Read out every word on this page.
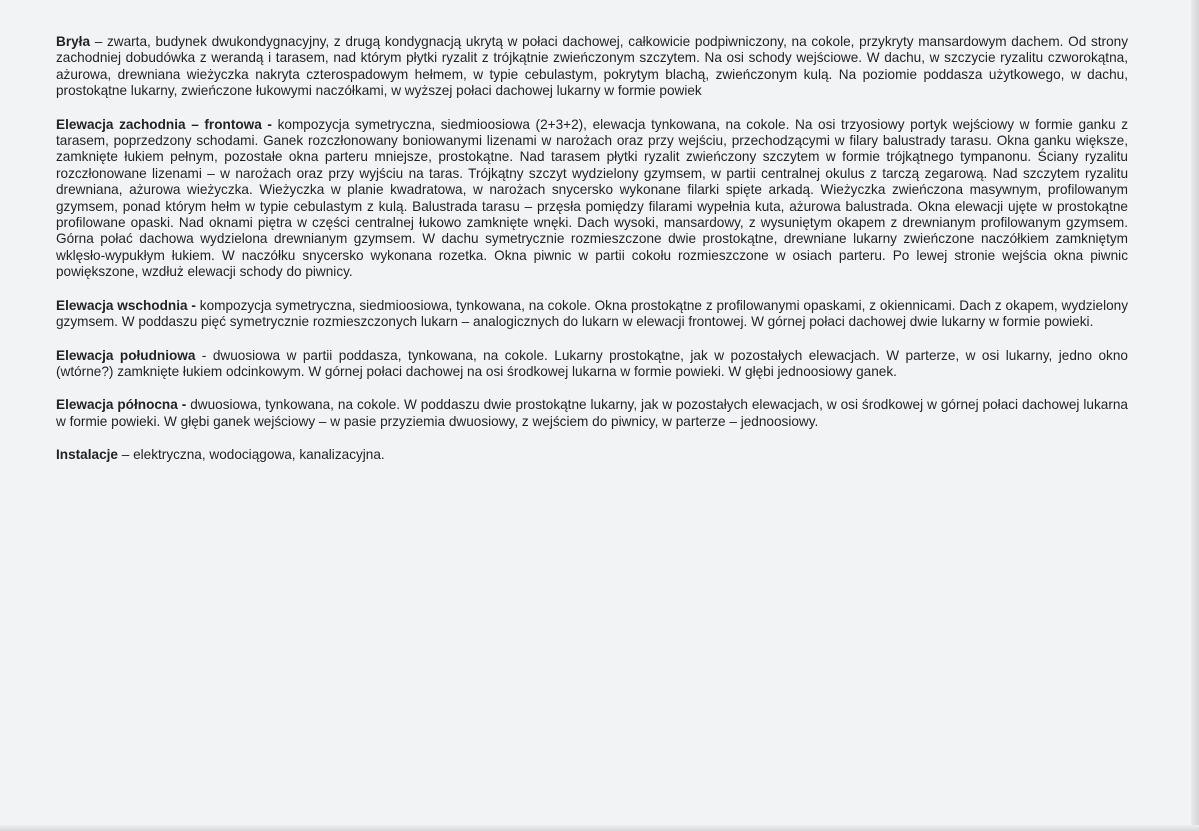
Bryła – zwarta, budynek dwukondygnacyjny, z drugą kondygnacją ukrytą w połaci dachowej, całkowicie podpiwniczony, na cokole, przykryty mansardowym dachem. Od strony zachodniej dobudówka z werandą i tarasem, nad którym płytki ryzalit z trójkątnie zwieńczonym szczytem. Na osi schody wejściowe. W dachu, w szczycie ryzalitu czworokątna, ażurowa, drewniana wieżyczka nakryta czterospadowym hełmem, w typie cebulastym, pokrytym blachą, zwieńczonym kulą. Na poziomie poddasza użytkowego, w dachu, prostokątne lukarny, zwieńczone łukowymi naczółkami, w wyższej połaci dachowej lukarny w formie powiek

Elewacja zachodnia – frontowa - kompozycja symetryczna, siedmioosiowa (2+3+2), elewacja tynkowana, na cokole. Na osi trzyosiowy portyk wejściowy w formie ganku z tarasem, poprzedzony schodami. Ganek rozczłonowany boniowanymi lizenami w narożach oraz przy wejściu, przechodzącymi w filary balustrady tarasu. Okna ganku większe, zamknięte łukiem pełnym, pozostałe okna parteru mniejsze, prostokątne. Nad tarasem płytki ryzalit zwieńczony szczytem w formie trójkątnego tympanonu. Ściany ryzalitu rozczłonowane lizenami – w narożach oraz przy wyjściu na taras. Trójkątny szczyt wydzielony gzymsem, w partii centralnej okulus z tarczą zegarową. Nad szczytem ryzalitu drewniana, ażurowa wieżyczka. Wieżyczka w planie kwadratowa, w narożach snycersko wykonane filarki spięte arkadą. Wieżyczka zwieńczona masywnym, profilowanym gzymsem, ponad którym hełm w typie cebulastym z kulą. Balustrada tarasu – przęsła pomiędzy filarami wypełnia kuta, ażurowa balustrada. Okna elewacji ujęte w prostokątne profilowane opaski. Nad oknami piętra w części centralnej łukowo zamknięte wnęki. Dach wysoki, mansardowy, z wysuniętym okapem z drewnianym profilowanym gzymsem. Górna połać dachowa wydzielona drewnianym gzymsem. W dachu symetrycznie rozmieszczone dwie prostokątne, drewniane lukarny zwieńczone naczółkiem zamkniętym wklęsło-wypukłym łukiem. W naczółku snycersko wykonana rozetka. Okna piwnic w partii cokołu rozmieszczone w osiach parteru. Po lewej stronie wejścia okna piwnic powiększone, wzdłuż elewacji schody do piwnicy.

Elewacja wschodnia - kompozycja symetryczna, siedmioosiowa, tynkowana, na cokole. Okna prostokątne z profilowanymi opaskami, z okiennicami. Dach z okapem, wydzielony gzymsem. W poddaszu pięć symetrycznie rozmieszczonych lukarn – analogicznych do lukarn w elewacji frontowej. W górnej połaci dachowej dwie lukarny w formie powieki.

Elewacja południowa - dwuosiowa w partii poddasza, tynkowana, na cokole. Lukarny prostokątne, jak w pozostałych elewacjach. W parterze, w osi lukarny, jedno okno (wtórne?) zamknięte łukiem odcinkowym. W górnej połaci dachowej na osi środkowej lukarna w formie powieki. W głębi jednoosiowy ganek.

Elewacja północna - dwuosiowa, tynkowana, na cokole. W poddaszu dwie prostokątne lukarny, jak w pozostałych elewacjach, w osi środkowej w górnej połaci dachowej lukarna w formie powieki. W głębi ganek wejściowy – w pasie przyziemia dwuosiowy, z wejściem do piwnicy, w parterze – jednoosiowy.

Instalacje – elektryczna, wodociągowa, kanalizacyjna.
